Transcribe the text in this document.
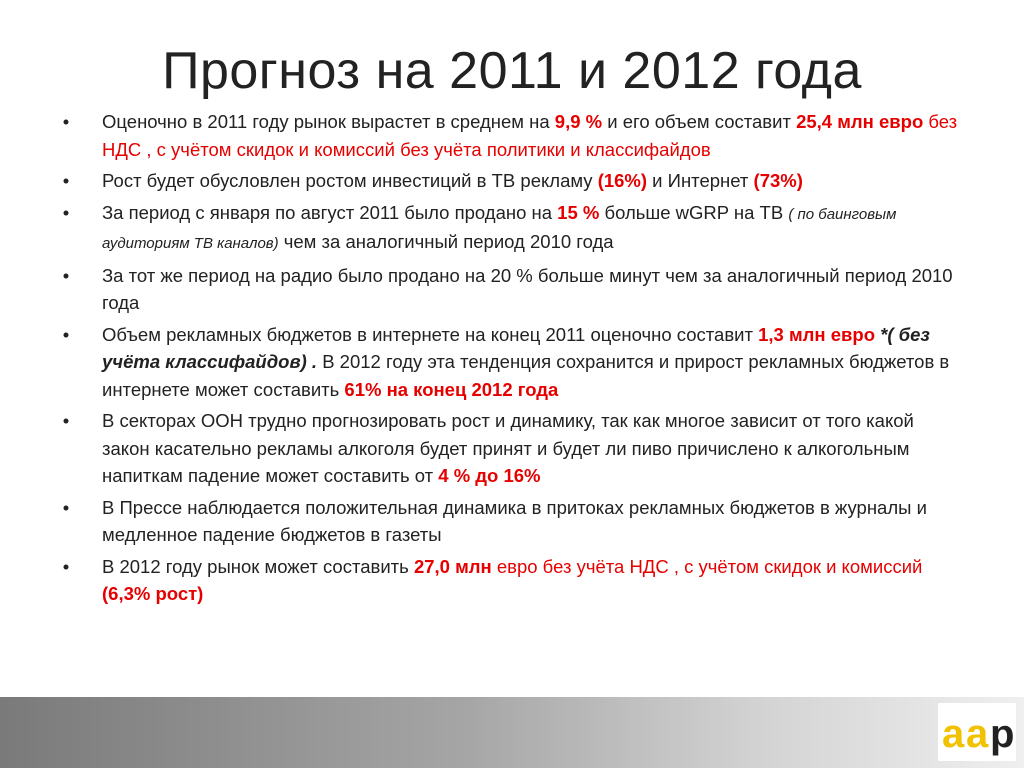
Прогноз на 2011 и 2012 года
• Оценочно в 2011 году рынок вырастет в среднем на 9,9 % и его объем составит 25,4 млн евро без НДС , с учётом скидок и комиссий без учёта политики и классифайдов
• Рост будет обусловлен ростом инвестиций в ТВ рекламу (16%) и Интернет (73%)
• За период с января по август 2011 было продано на 15 % больше wGRP на ТВ ( по баинговым аудиториям ТВ каналов) чем за аналогичный период 2010 года
• За тот же период на радио было продано на 20 % больше минут чем за аналогичный период 2010 года
• Объем рекламных бюджетов в интернете на конец 2011 оценочно составит 1,3 млн евро *( без учёта классифайдов) . В 2012 году эта тенденция сохранится и прирост рекламных бюджетов в интернете может составить 61% на конец 2012 года
• В секторах ООН трудно прогнозировать рост и динамику, так как многое зависит от того какой закон касательно рекламы алкоголя будет принят и будет ли пиво причислено к алкогольным напиткам падение может составить от 4 % до 16%
• В Прессе наблюдается положительная динамика в притоках рекламных бюджетов в журналы и медленное падение бюджетов в газеты
• В 2012 году рынок может составить 27,0 млн евро без учёта НДС , с учётом скидок и комиссий (6,3% рост)
a a p
